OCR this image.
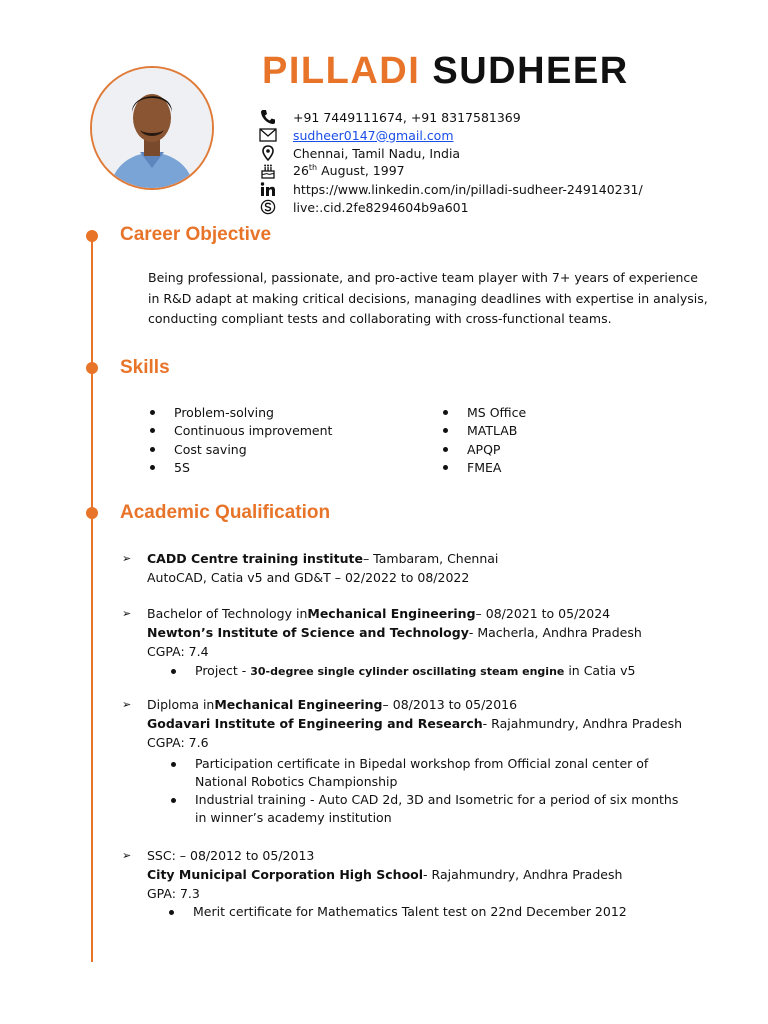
PILLADI SUDHEER
+91 7449111674, +91 8317581369
sudheer0147@gmail.com
Chennai, Tamil Nadu, India
26th August, 1997
https://www.linkedin.com/in/pilladi-sudheer-249140231/
live:.cid.2fe8294604b9a601
Career Objective
Being professional, passionate, and pro-active team player with 7+ years of experience in R&D adapt at making critical decisions, managing deadlines with expertise in analysis, conducting compliant tests and collaborating with cross-functional teams.
Skills
Problem-solving
Continuous improvement
Cost saving
5S
MS Office
MATLAB
APQP
FMEA
Academic Qualification
➢	CADD Centre training institute – Tambaram, Chennai
AutoCAD, Catia v5 and GD&T – 02/2022 to 08/2022
➢	Bachelor of Technology in Mechanical Engineering – 08/2021 to 05/2024
Newton’s Institute of Science and Technology - Macherla, Andhra Pradesh
CGPA: 7.4
Project - 30-degree single cylinder oscillating steam engine in Catia v5
➢	Diploma in Mechanical Engineering – 08/2013 to 05/2016
Godavari Institute of Engineering and Research - Rajahmundry, Andhra Pradesh
CGPA: 7.6
Participation certificate in Bipedal workshop from Official zonal center of National Robotics Championship
Industrial training - Auto CAD 2d, 3D and Isometric for a period of six months in winner’s academy institution
➢	SSC: – 08/2012 to 05/2013
City Municipal Corporation High School - Rajahmundry, Andhra Pradesh
GPA: 7.3
Merit certificate for Mathematics Talent test on 22nd December 2012
